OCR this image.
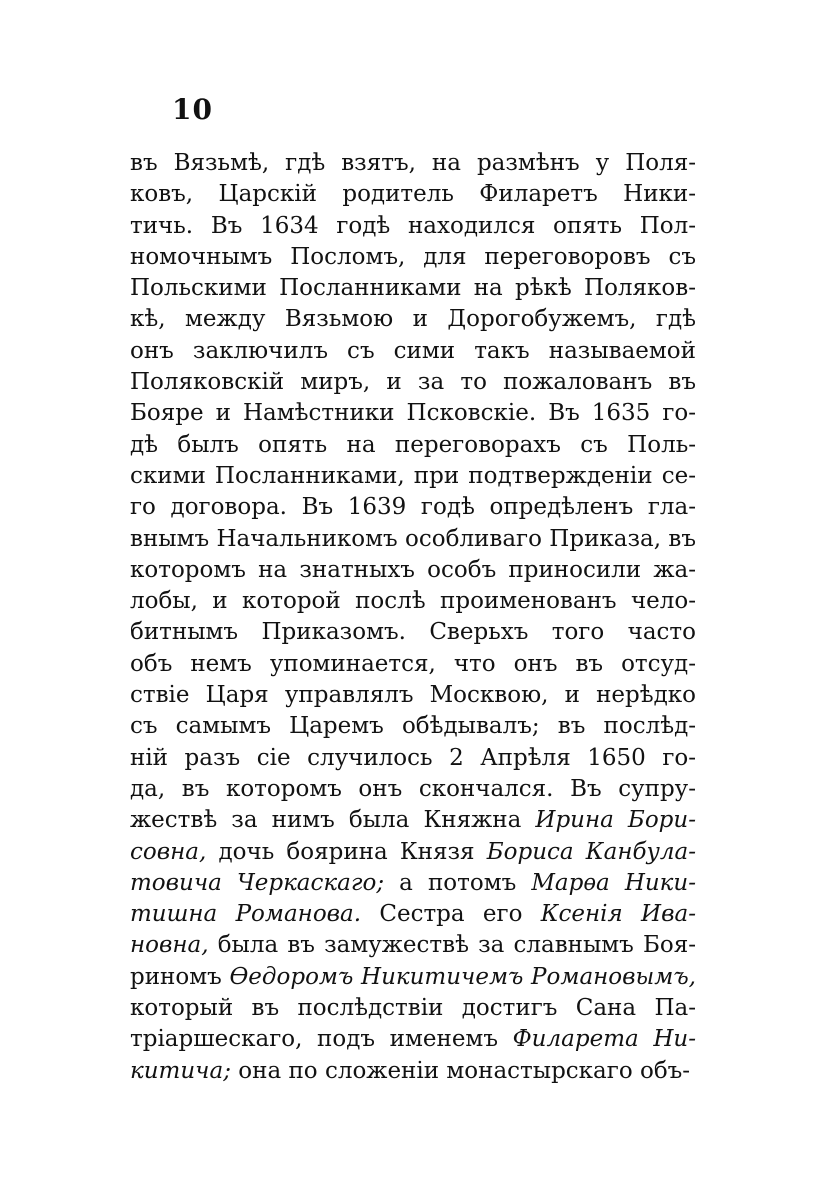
10
въ Вязьмѣ, гдѣ взятъ, на размѣнъ у Поля-
ковъ, Царскій родитель Филаретъ Ники-
тичь. Въ 1634 годѣ находился опять Пол-
номочнымъ Посломъ, для переговоровъ съ
Польскими Посланниками на рѣкѣ Поляков-
кѣ, между Вязьмою и Дорогобужемъ, гдѣ
онъ заключилъ съ сими такъ называемой
Поляковскій миръ, и за то пожалованъ въ
Бояре и Намѣстники Псковскіе. Въ 1635 го-
дѣ былъ опять на переговорахъ съ Поль-
скими Посланниками, при подтвержденіи се-
го договора. Въ 1639 годѣ опредѣленъ гла-
внымъ Начальникомъ особливаго Приказа, въ
которомъ на знатныхъ особъ приносили жа-
лобы, и которой послѣ проименованъ чело-
битнымъ Приказомъ. Сверьхъ того часто
объ немъ упоминается, что онъ въ отсуд-
ствіе Царя управлялъ Москвою, и нерѣдко
съ самымъ Царемъ обѣдывалъ; въ послѣд-
ній разъ сіе случилось 2 Апрѣля 1650 го-
да, въ которомъ онъ скончался. Въ супру-
жествѣ за нимъ была Княжна Ирина Бори-
совна, дочь боярина Князя Бориса Канбула-
товича Черкаскаго; а потомъ Марѳа Ники-
тишна Романова. Сестра его Ксенія Ива-
новна, была въ замужествѣ за славнымъ Боя-
риномъ Ѳедоромъ Никитичемъ Романовымъ,
который въ послѣдствіи достигъ Сана Па-
тріаршескаго, подъ именемъ Филарета Ни-
китича; она по сложеніи монастырскаго объ-
